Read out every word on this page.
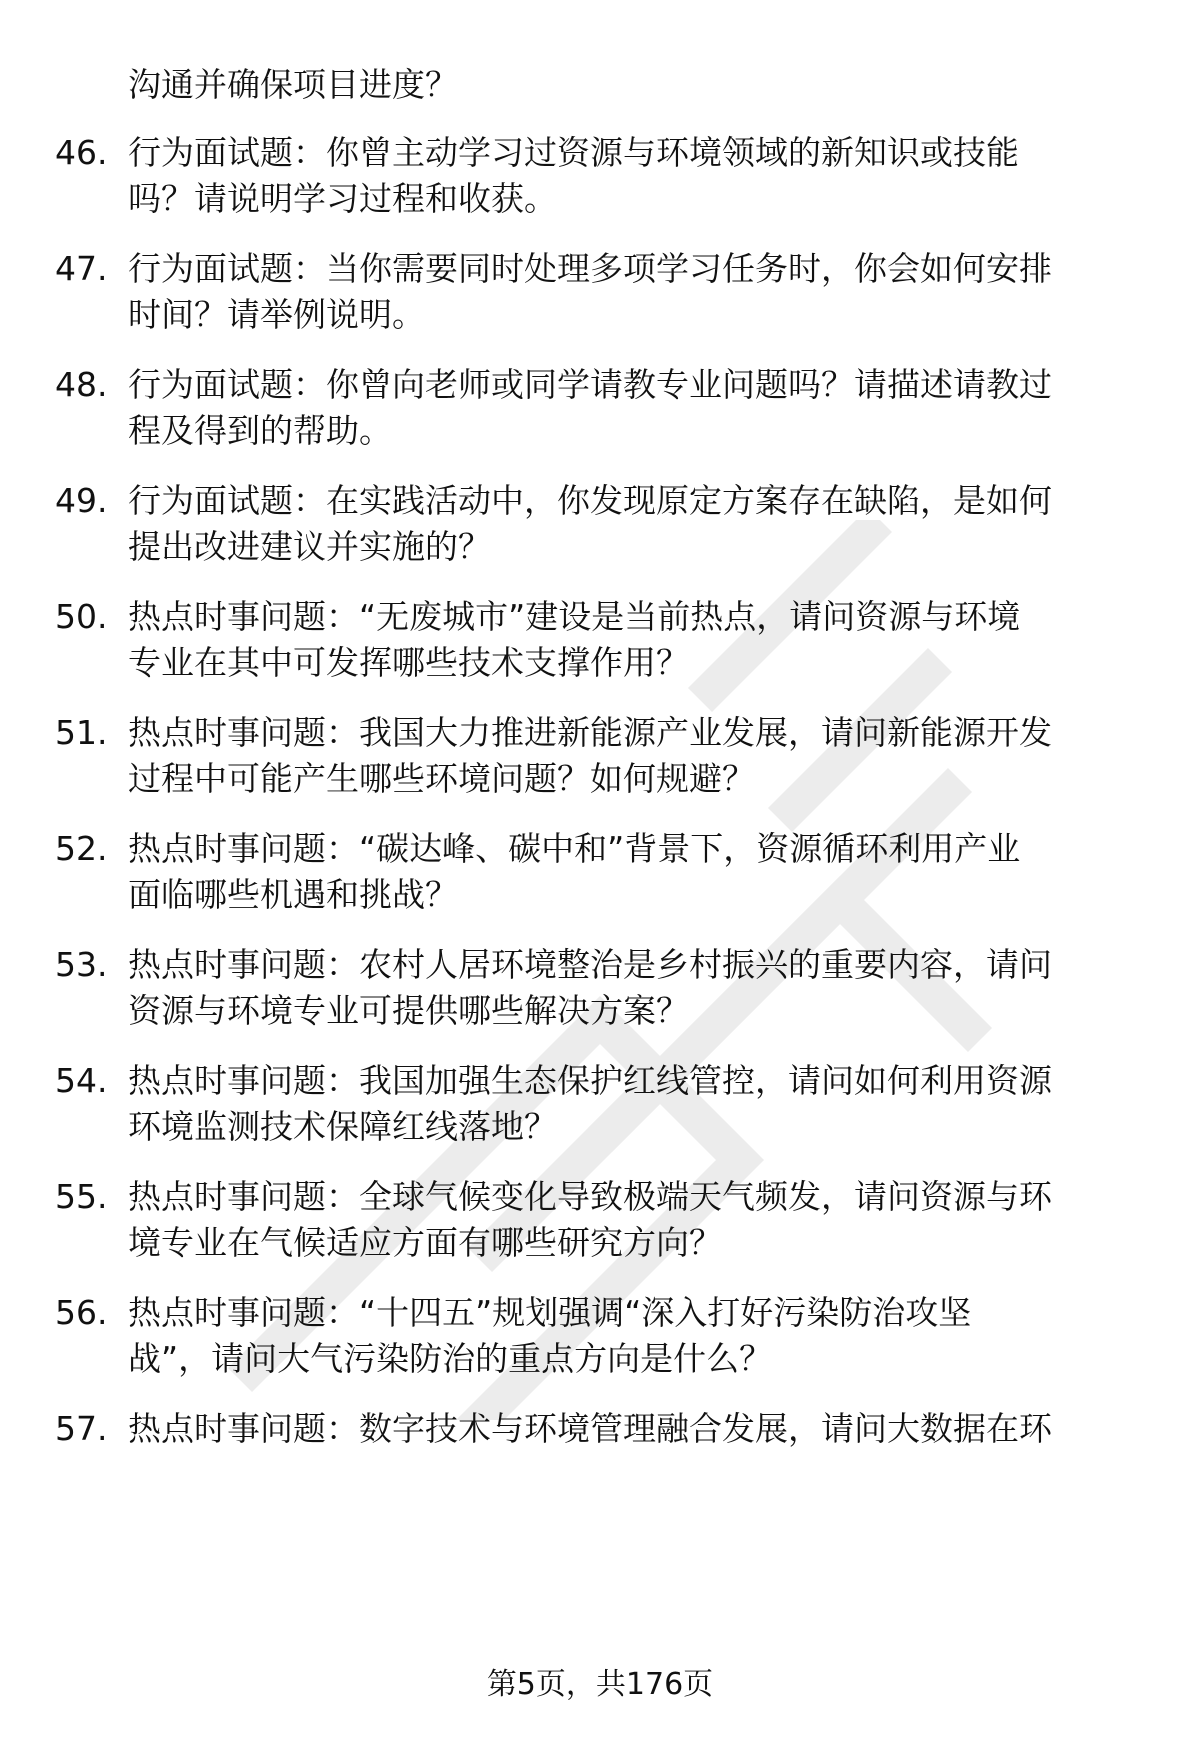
沟通并确保项目进度？
46. 行为面试题：你曾主动学习过资源与环境领域的新知识或技能
吗？请说明学习过程和收获。
47. 行为面试题：当你需要同时处理多项学习任务时，你会如何安排
时间？请举例说明。
48. 行为面试题：你曾向老师或同学请教专业问题吗？请描述请教过
程及得到的帮助。
49. 行为面试题：在实践活动中，你发现原定方案存在缺陷，是如何
提出改进建议并实施的？
50. 热点时事问题：“无废城市”建设是当前热点，请问资源与环境
专业在其中可发挥哪些技术支撑作用？
51. 热点时事问题：我国大力推进新能源产业发展，请问新能源开发
过程中可能产生哪些环境问题？如何规避？
52. 热点时事问题：“碳达峰、碳中和”背景下，资源循环利用产业
面临哪些机遇和挑战？
53. 热点时事问题：农村人居环境整治是乡村振兴的重要内容，请问
资源与环境专业可提供哪些解决方案？
54. 热点时事问题：我国加强生态保护红线管控，请问如何利用资源
环境监测技术保障红线落地？
55. 热点时事问题：全球气候变化导致极端天气频发，请问资源与环
境专业在气候适应方面有哪些研究方向？
56. 热点时事问题：“十四五”规划强调“深入打好污染防治攻坚
战”，请问大气污染防治的重点方向是什么？
57. 热点时事问题：数字技术与环境管理融合发展，请问大数据在环
第5页，共176页
